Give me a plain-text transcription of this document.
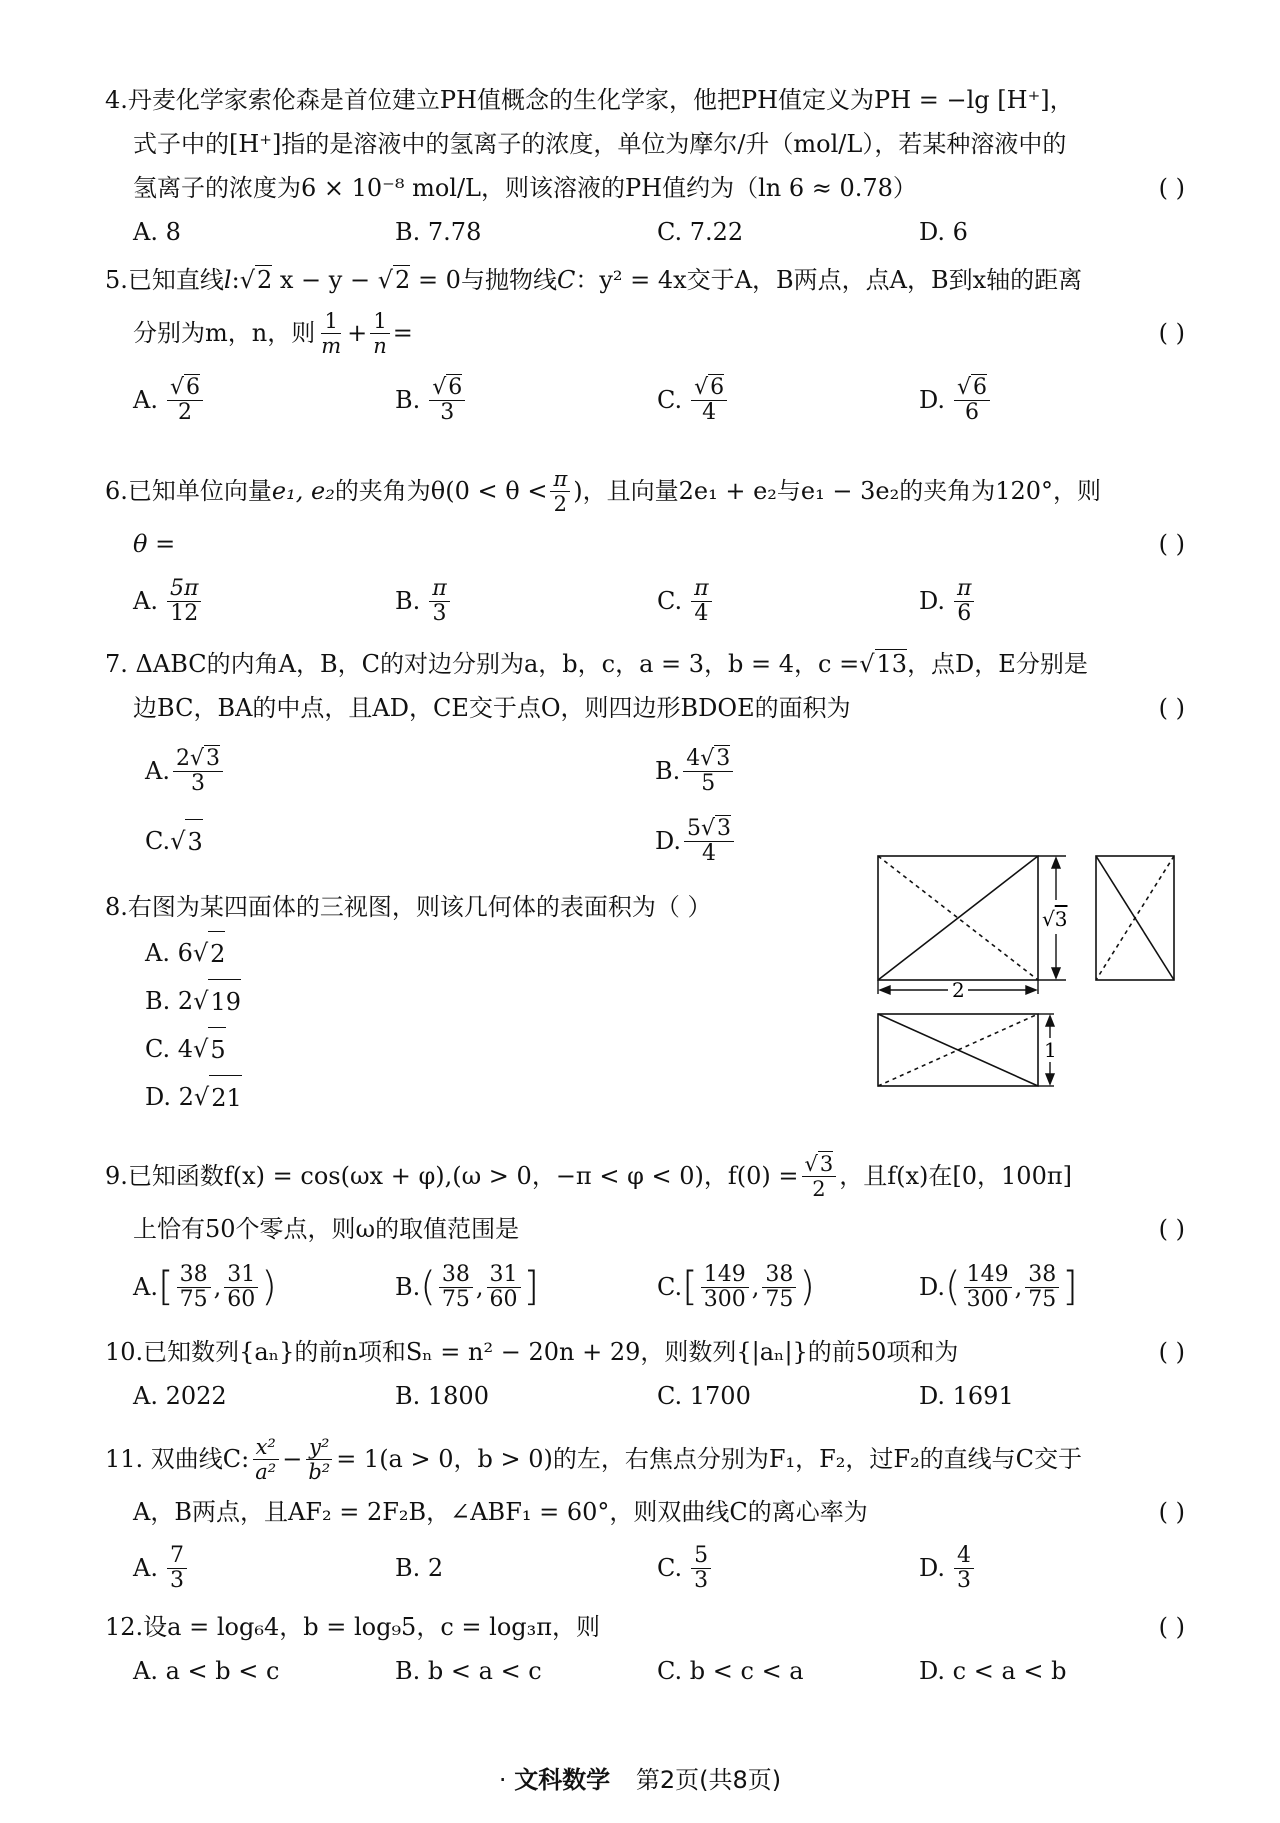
4.丹麦化学家索伦森是首位建立PH值概念的生化学家，他把PH值定义为PH = −lg [H⁺]，
式子中的[H⁺]指的是溶液中的氢离子的浓度，单位为摩尔/升（mol/L），若某种溶液中的
氢离子的浓度为6 × 10⁻⁸ mol/L，则该溶液的PH值约为（ln 6 ≈ 0.78）	( )
A. 8	B. 7.78	C. 7.22	D. 6
5.已知直线l:√2 x − y − √2 = 0与抛物线C：y² = 4x交于A，B两点，点A，B到x轴的距离
分别为 m，n，则 $\frac{1}{m} + \frac{1}{n}$ =	( )
A. $\frac{√6}{2}$	B. $\frac{√6}{3}$	C. $\frac{√6}{4}$	D. $\frac{√6}{6}$
6.已知单位向量 e₁, e₂ 的夹角为$\theta(0 < \theta < \frac{\pi}{2}$ )，且向量2e₁ + e₂与e₁ − 3e₂的夹角为120°，则
θ =	( )
A. $\frac{5\pi}{12}$	B. $\frac{\pi}{3}$	C. $\frac{\pi}{4}$	D. $\frac{\pi}{6}$
7. ΔABC的内角A，B，C的对边分别为a，b，c，a = 3，b = 4，c =√13，点D，E分别是
边BC，BA的中点，且AD，CE交于点O，则四边形BDOE的面积为	( )
A. $\frac{2√3}{3}$	B. $\frac{4√3}{5}$
C. √ 3	D. $\frac{5√3}{4}$
8.右图为某四面体的三视图，则该几何体的表面积为（ ）
A. 6 √ 2
B. 2 √ 19
C. 4 √ 5
D. 2 √ 21
√3
2
1
9.已知函数f(x) = cos(ωx + φ),(ω > 0，−π < φ < 0)，$f(0) = \frac{√3}{2}$ ，且f(x)在[0，100π]
上恰有50个零点，则ω的取值范围是	( )
A. [ $\frac{38}{75}$ , $\frac{31}{60}$ )	B. ( $\frac{38}{75}$ , $\frac{31}{60}$ ]	C. [ $\frac{149}{300}$ , $\frac{38}{75}$ )	D. ( $\frac{149}{300}$ , $\frac{38}{75}$ ]
10.已知数列{aₙ}的前n项和Sₙ = n² − 20n + 29，则数列{|aₙ|}的前50项和为	( )
A. 2022	B. 1800	C. 1700	D. 1691
11. 双曲线C: $\frac{\text{x²}}{\text{a²}} - \frac{\text{y²}}{\text{b²}} = 1(a > 0$，b > 0)的左，右焦点分别为F₁，F₂，过F₂的直线与C交于
A，B两点，且AF₂ = 2F₂B，∠ABF₁ = 60°，则双曲线C的离心率为	( )
A. $\frac{7}{3}$	B. 2	C. $\frac{5}{3}$	D. $\frac{4}{3}$
12.设a = log₆4，b = log₉5，c = log₃π，则	( )
A. a < b < c	B. b < a < c	C. b < c < a	D. c < a < b
· 文科数学 第2页(共8页)
